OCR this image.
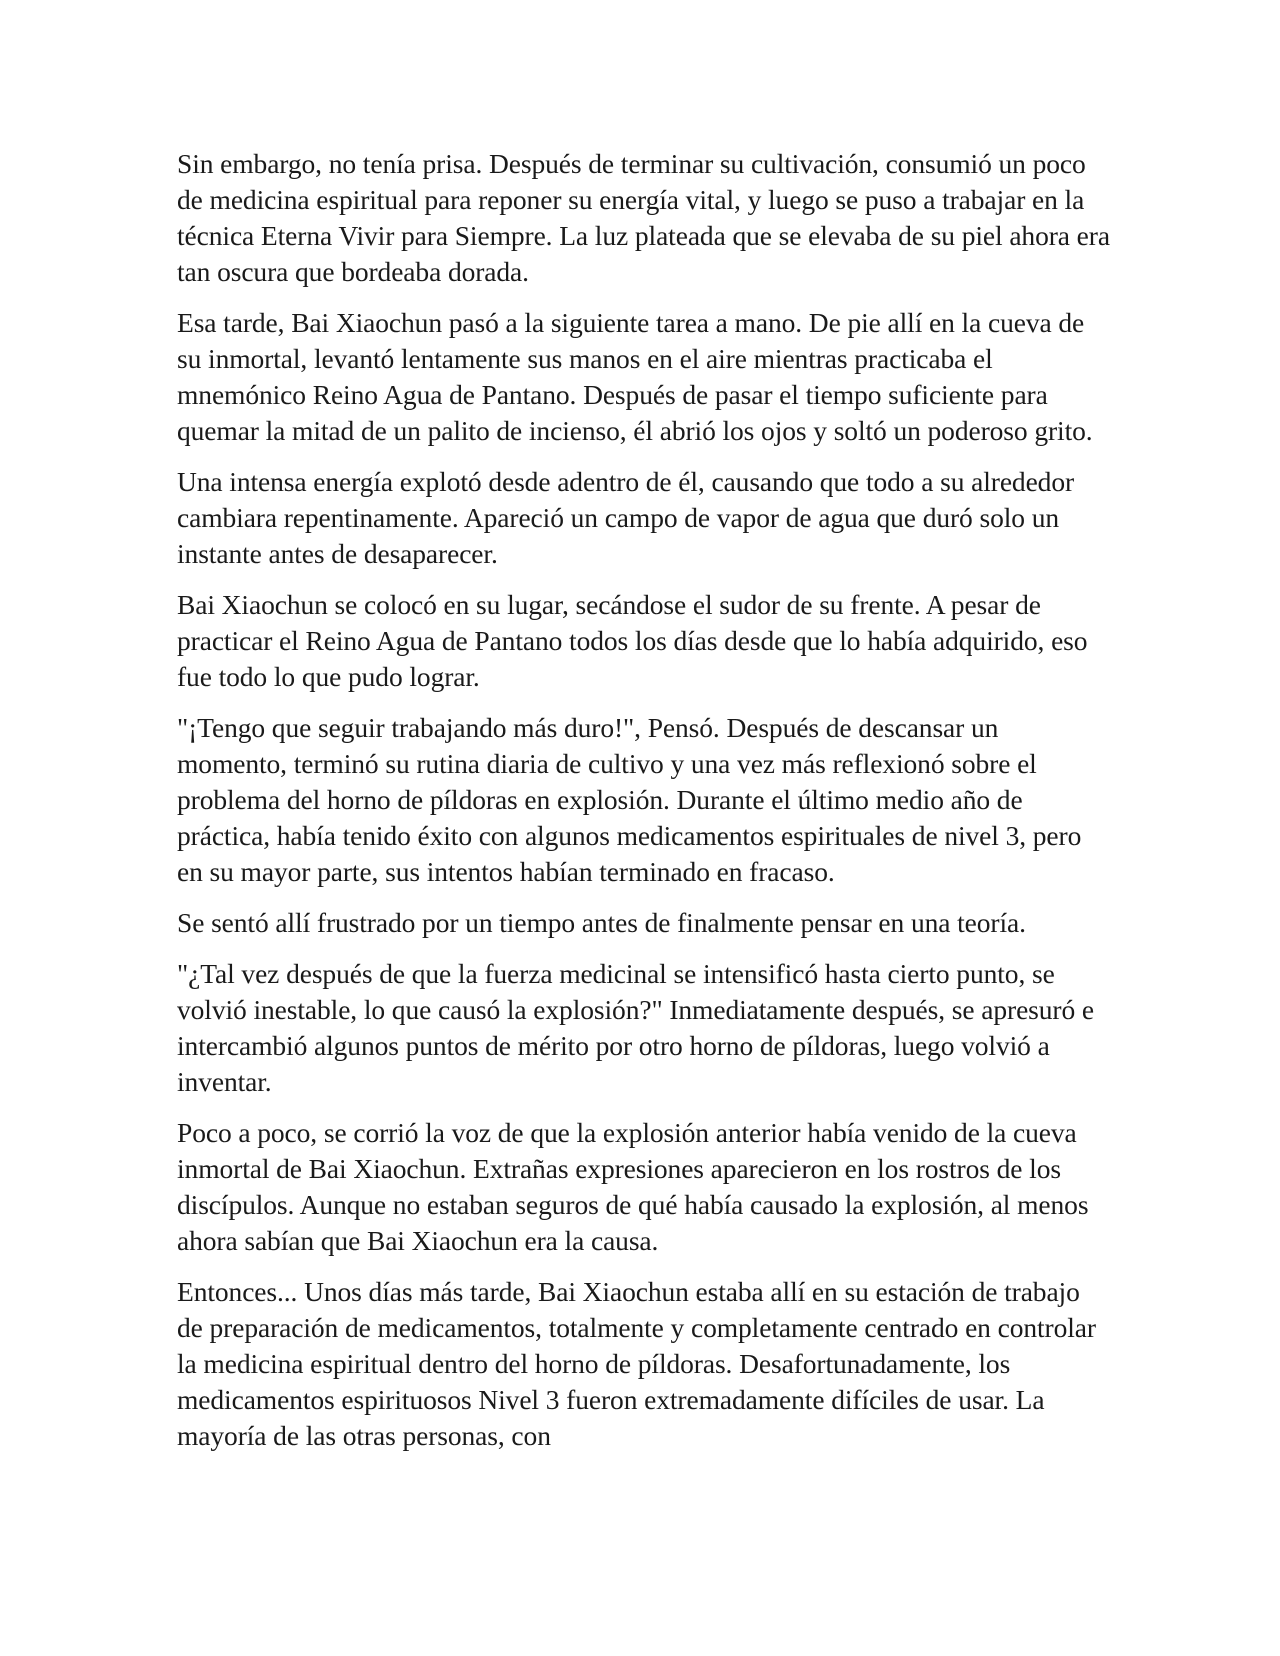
Sin embargo, no tenía prisa. Después de terminar su cultivación, consumió un poco de medicina espiritual para reponer su energía vital, y luego se puso a trabajar en la técnica Eterna Vivir para Siempre. La luz plateada que se elevaba de su piel ahora era tan oscura que bordeaba dorada.

Esa tarde, Bai Xiaochun pasó a la siguiente tarea a mano. De pie allí en la cueva de su inmortal, levantó lentamente sus manos en el aire mientras practicaba el mnemónico Reino Agua de Pantano. Después de pasar el tiempo suficiente para quemar la mitad de un palito de incienso, él abrió los ojos y soltó un poderoso grito.

Una intensa energía explotó desde adentro de él, causando que todo a su alrededor cambiara repentinamente. Apareció un campo de vapor de agua que duró solo un instante antes de desaparecer.

Bai Xiaochun se colocó en su lugar, secándose el sudor de su frente. A pesar de practicar el Reino Agua de Pantano todos los días desde que lo había adquirido, eso fue todo lo que pudo lograr.

"¡Tengo que seguir trabajando más duro!", Pensó. Después de descansar un momento, terminó su rutina diaria de cultivo y una vez más reflexionó sobre el problema del horno de píldoras en explosión. Durante el último medio año de práctica, había tenido éxito con algunos medicamentos espirituales de nivel 3, pero en su mayor parte, sus intentos habían terminado en fracaso.

Se sentó allí frustrado por un tiempo antes de finalmente pensar en una teoría.

"¿Tal vez después de que la fuerza medicinal se intensificó hasta cierto punto, se volvió inestable, lo que causó la explosión?" Inmediatamente después, se apresuró e intercambió algunos puntos de mérito por otro horno de píldoras, luego volvió a inventar.

Poco a poco, se corrió la voz de que la explosión anterior había venido de la cueva inmortal de Bai Xiaochun. Extrañas expresiones aparecieron en los rostros de los discípulos. Aunque no estaban seguros de qué había causado la explosión, al menos ahora sabían que Bai Xiaochun era la causa.

Entonces... Unos días más tarde, Bai Xiaochun estaba allí en su estación de trabajo de preparación de medicamentos, totalmente y completamente centrado en controlar la medicina espiritual dentro del horno de píldoras. Desafortunadamente, los medicamentos espirituosos Nivel 3 fueron extremadamente difíciles de usar. La mayoría de las otras personas, con
